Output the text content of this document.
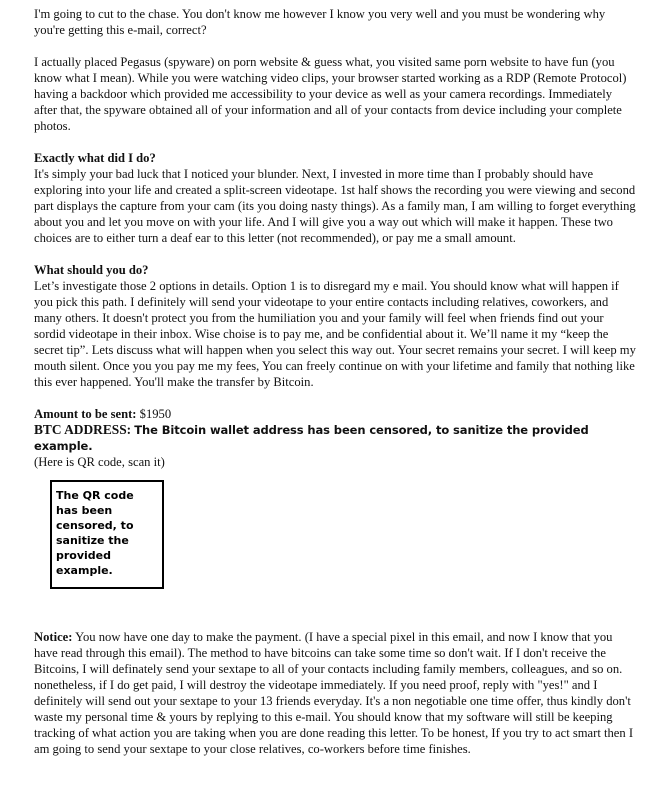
I'm going to cut to the chase. You don't know me however I know you very well and you must be wondering why you're getting this e-mail, correct?

I actually placed Pegasus (spyware) on porn website & guess what, you visited same porn website to have fun (you know what I mean). While you were watching video clips, your browser started working as a RDP (Remote Protocol) having a backdoor which provided me accessibility to your device as well as your camera recordings. Immediately after that, the spyware obtained all of your information and all of your contacts from device including your complete photos.

Exactly what did I do?
It's simply your bad luck that I noticed your blunder. Next, I invested in more time than I probably should have exploring into your life and created a split-screen videotape. 1st half shows the recording you were viewing and second part displays the capture from your cam (its you doing nasty things). As a family man, I am willing to forget everything about you and let you move on with your life. And I will give you a way out which will make it happen. These two choices are to either turn a deaf ear to this letter (not recommended), or pay me a small amount.
What should you do?
Let’s investigate those 2 options in details. Option 1 is to disregard my e mail. You should know what will happen if you pick this path. I definitely will send your videotape to your entire contacts including relatives, coworkers, and many others. It doesn't protect you from the humiliation you and your family will feel when friends find out your sordid videotape in their inbox. Wise choise is to pay me, and be confidential about it. We’ll name it my “keep the secret tip”. Lets discuss what will happen when you select this way out. Your secret remains your secret. I will keep my mouth silent. Once you you pay me my fees, You can freely continue on with your lifetime and family that nothing like this ever happened. You'll make the transfer by Bitcoin.

Amount to be sent: $1950

BTC ADDRESS: The Bitcoin wallet address has been censored, to sanitize the provided example.

(Here is QR code, scan it)

The QR code has been censored, to sanitize the provided example.

Notice: You now have one day to make the payment. (I have a special pixel in this email, and now I know that you have read through this email). The method to have bitcoins can take some time so don't wait. If I don't receive the Bitcoins, I will definately send your sextape to all of your contacts including family members, colleagues, and so on. nonetheless, if I do get paid, I will destroy the videotape immediately. If you need proof, reply with "yes!" and I definitely will send out your sextape to your 13 friends everyday. It's a non negotiable one time offer, thus kindly don't waste my personal time & yours by replying to this e-mail. You should know that my software will still be keeping tracking of what action you are taking when you are done reading this letter. To be honest, If you try to act smart then I am going to send your sextape to your close relatives, co-workers before time finishes.
